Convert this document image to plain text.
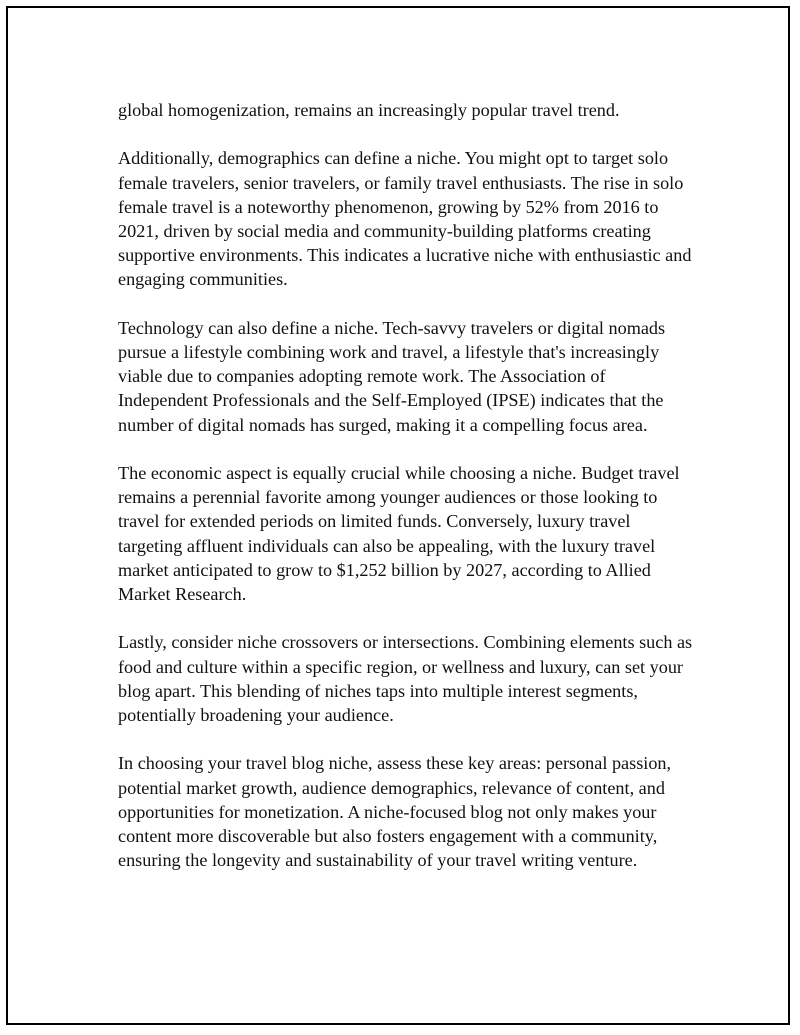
global homogenization, remains an increasingly popular travel trend.

Additionally, demographics can define a niche. You might opt to target solo female travelers, senior travelers, or family travel enthusiasts. The rise in solo female travel is a noteworthy phenomenon, growing by 52% from 2016 to 2021, driven by social media and community-building platforms creating supportive environments. This indicates a lucrative niche with enthusiastic and engaging communities.

Technology can also define a niche. Tech-savvy travelers or digital nomads pursue a lifestyle combining work and travel, a lifestyle that's increasingly viable due to companies adopting remote work. The Association of Independent Professionals and the Self-Employed (IPSE) indicates that the number of digital nomads has surged, making it a compelling focus area.

The economic aspect is equally crucial while choosing a niche. Budget travel remains a perennial favorite among younger audiences or those looking to travel for extended periods on limited funds. Conversely, luxury travel targeting affluent individuals can also be appealing, with the luxury travel market anticipated to grow to $1,252 billion by 2027, according to Allied Market Research.

Lastly, consider niche crossovers or intersections. Combining elements such as food and culture within a specific region, or wellness and luxury, can set your blog apart. This blending of niches taps into multiple interest segments, potentially broadening your audience.

In choosing your travel blog niche, assess these key areas: personal passion, potential market growth, audience demographics, relevance of content, and opportunities for monetization. A niche-focused blog not only makes your content more discoverable but also fosters engagement with a community, ensuring the longevity and sustainability of your travel writing venture.
